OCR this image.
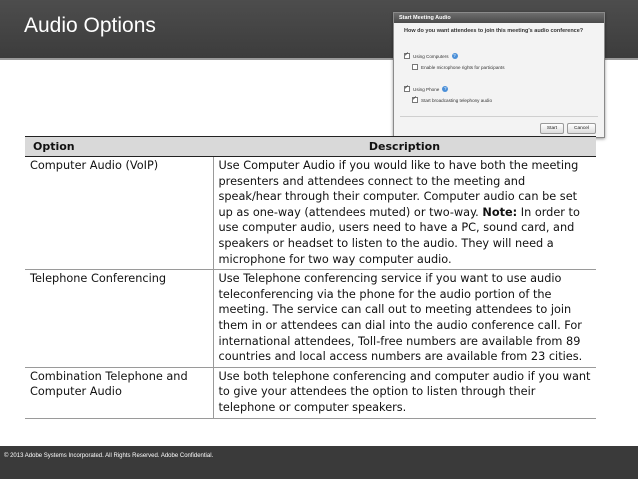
Audio Options	Start Meeting Audio
How do you want attendees to join this meeting's audio conference?
✓
Using Computers	?
Enable microphone rights for participants
✓
Using Phone	?
✓
Start broadcasting telephony audio
Start	Cancel
Option	Description
Computer Audio (VoIP)	Use Computer Audio if you would like to have both the meeting presenters and attendees connect to the meeting and speak/hear through their computer. Computer audio can be set up as one-way (attendees muted) or two-way. Note: In order to use computer audio, users need to have a PC, sound card, and speakers or headset to listen to the audio. They will need a microphone for two way computer audio.
Telephone Conferencing	Use Telephone conferencing service if you want to use audio teleconferencing via the phone for the audio portion of the meeting. The service can call out to meeting attendees to join them in or attendees can dial into the audio conference call. For international attendees, Toll-free numbers are available from 89 countries and local access numbers are available from 23 cities.
Combination Telephone and Computer Audio	Use both telephone conferencing and computer audio if you want to give your attendees the option to listen through their telephone or computer speakers.
© 2013 Adobe Systems Incorporated. All Rights Reserved. Adobe Confidential.
